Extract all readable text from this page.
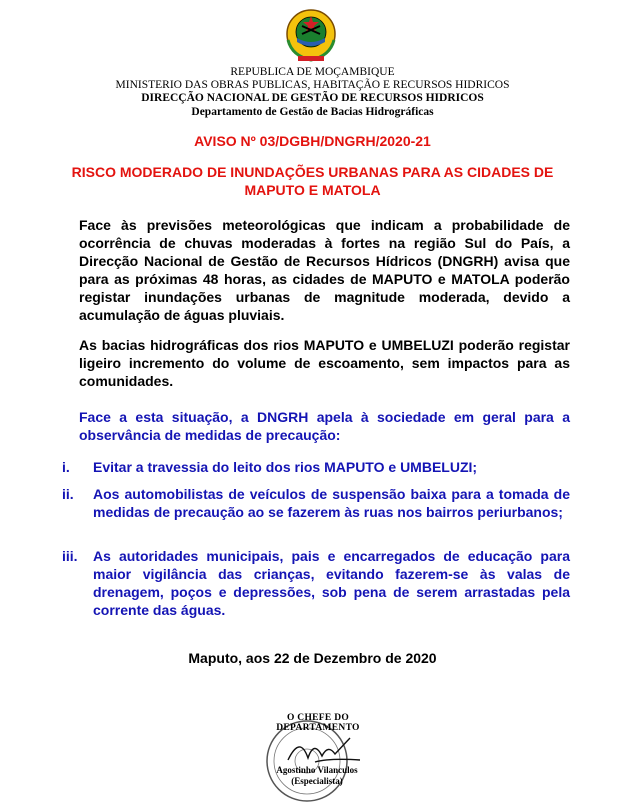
REPUBLICA DE MOÇAMBIQUE
MINISTERIO DAS OBRAS PUBLICAS, HABITAÇÃO E RECURSOS HIDRICOS
DIRECÇÃO NACIONAL DE GESTÃO DE RECURSOS HIDRICOS
Departamento de Gestão de Bacias Hidrográficas
AVISO Nº 03/DGBH/DNGRH/2020-21
RISCO MODERADO DE INUNDAÇÕES URBANAS PARA AS CIDADES DE MAPUTO E MATOLA
Face às previsões meteorológicas que indicam a probabilidade de ocorrência de chuvas moderadas à fortes na região Sul do País, a Direcção Nacional de Gestão de Recursos Hídricos (DNGRH) avisa que para as próximas 48 horas, as cidades de MAPUTO e MATOLA poderão registar inundações urbanas de magnitude moderada, devido a acumulação de águas pluviais.
As bacias hidrográficas dos rios MAPUTO e UMBELUZI poderão registar ligeiro incremento do volume de escoamento, sem impactos para as comunidades.
Face a esta situação, a DNGRH apela à sociedade em geral para a observância de medidas de precaução:
i.	Evitar a travessia do leito dos rios MAPUTO e UMBELUZI;
ii.	Aos automobilistas de veículos de suspensão baixa para a tomada de medidas de precaução ao se fazerem às ruas nos bairros periurbanos;
iii.	As autoridades municipais, pais e encarregados de educação para maior vigilância das crianças, evitando fazerem-se às valas de drenagem, poços e depressões, sob pena de serem arrastadas pela corrente das águas.
Maputo, aos 22 de Dezembro de 2020
O CHEFE DO DEPARTAMENTO
Agostinho Vilanculos
(Especialista)
